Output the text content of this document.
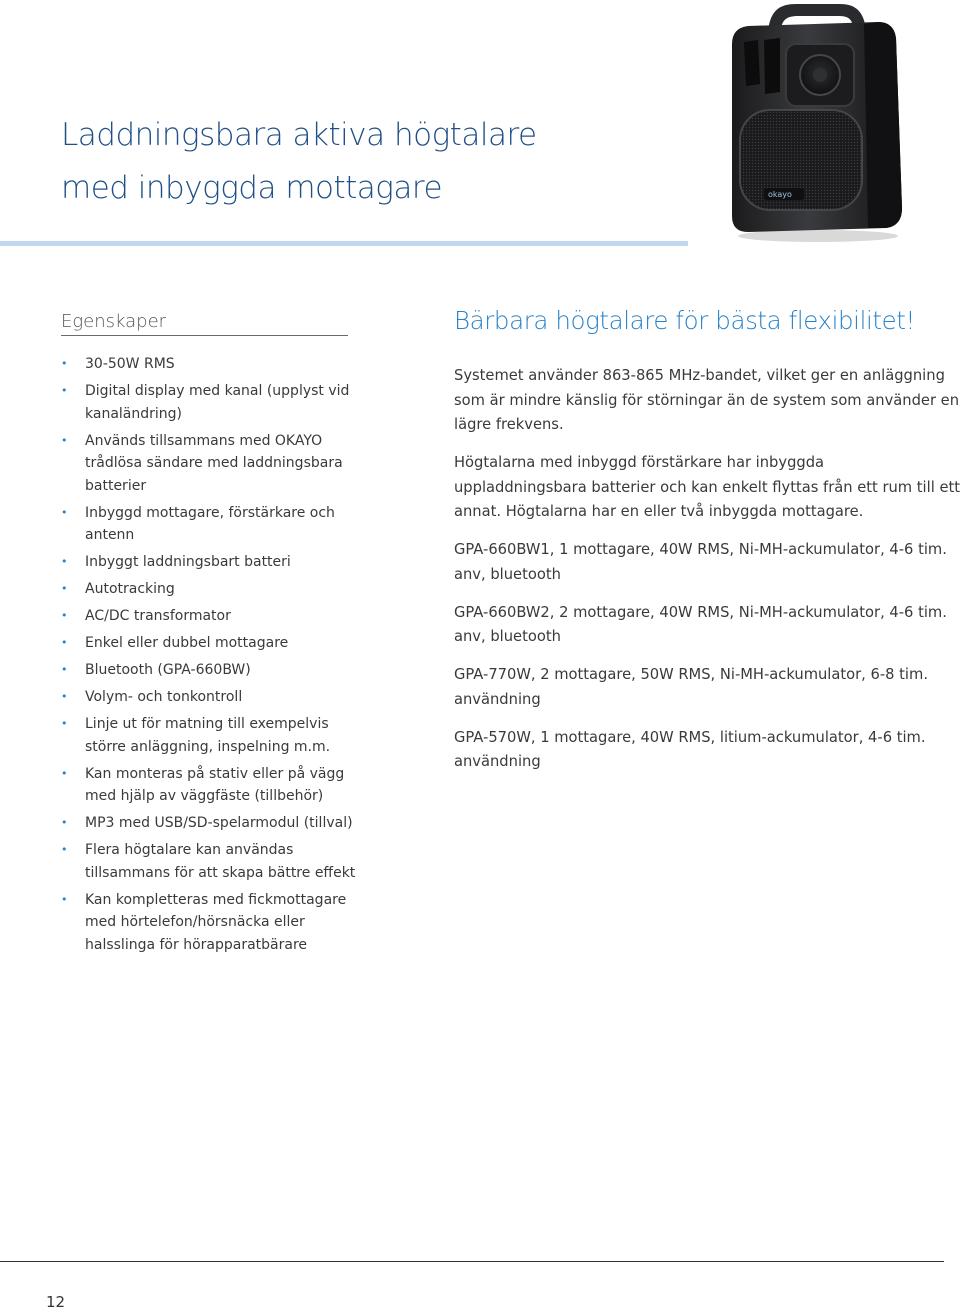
Laddningsbara aktiva högtalare
med inbyggda mottagare	okayo
Egenskaper
• 30-50W RMS
• Digital display med kanal (upplyst vid kanaländring)
• Används tillsammans med OKAYO trådlösa sändare med laddningsbara batterier
• Inbyggd mottagare, förstärkare och antenn
• Inbyggt laddningsbart batteri
• Autotracking
• AC/DC transformator
• Enkel eller dubbel mottagare
• Bluetooth (GPA-660BW)
• Volym- och tonkontroll
• Linje ut för matning till exempelvis större anläggning, inspelning m.m.
• Kan monteras på stativ eller på vägg med hjälp av väggfäste (tillbehör)
• MP3 med USB/SD-spelarmodul (tillval)
• Flera högtalare kan användas tillsammans för att skapa bättre effekt
• Kan kompletteras med fickmottagare med hörtelefon/hörsnäcka eller halsslinga för hörapparatbärare
Bärbara högtalare för bästa flexibilitet!

Systemet använder 863-865 MHz-bandet, vilket ger en anläggning som är mindre känslig för störningar än de system som använder en lägre frekvens.

Högtalarna med inbyggd förstärkare har inbyggda uppladdningsbara batterier och kan enkelt flyttas från ett rum till ett annat. Högtalarna har en eller två inbyggda mottagare.

GPA-660BW1, 1 mottagare, 40W RMS, Ni-MH-ackumulator, 4-6 tim. anv, bluetooth

GPA-660BW2, 2 mottagare, 40W RMS, Ni-MH-ackumulator, 4-6 tim. anv, bluetooth

GPA-770W, 2 mottagare, 50W RMS, Ni-MH-ackumulator, 6-8 tim. användning

GPA-570W, 1 mottagare, 40W RMS, litium-ackumulator, 4-6 tim. användning

12
